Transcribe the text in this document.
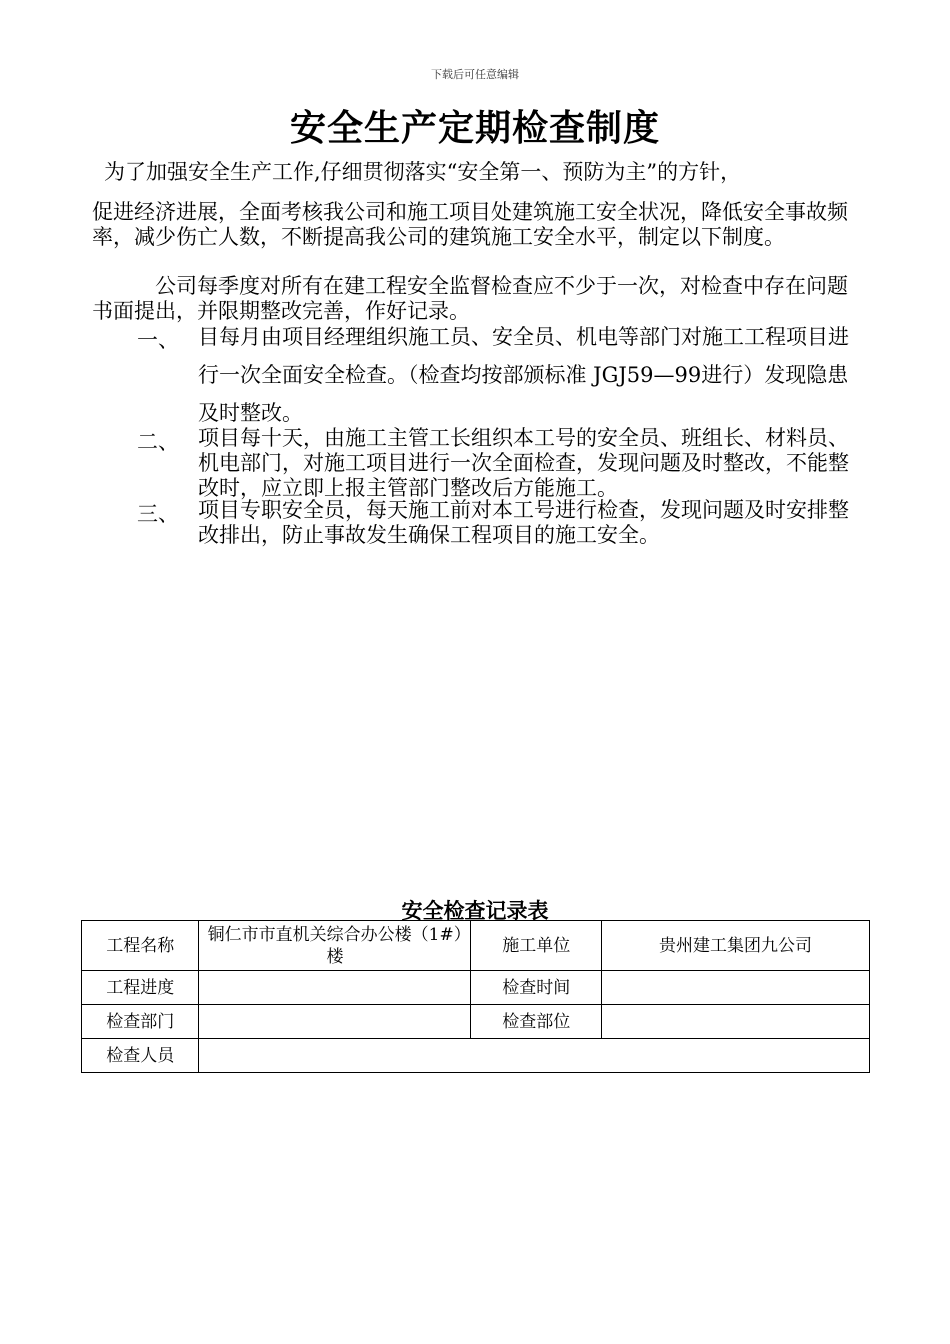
下载后可任意编辑
安全生产定期检查制度
为了加强安全生产工作,仔细贯彻落实“安全第一、预防为主”的方针，
促进经济进展，全面考核我公司和施工项目处建筑施工安全状况，降低安全事故频率，减少伤亡人数，不断提高我公司的建筑施工安全水平，制定以下制度。
公司每季度对所有在建工程安全监督检查应不少于一次，对检查中存在问题书面提出，并限期整改完善，作好记录。
一、 目每月由项目经理组织施工员、安全员、机电等部门对施工工程项目进行一次全面安全检查。（检查均按部颁标准 JGJ59—99进行）发现隐患及时整改。
二、 项目每十天，由施工主管工长组织本工号的安全员、班组长、材料员、机电部门，对施工项目进行一次全面检查，发现问题及时整改，不能整改时，应立即上报主管部门整改后方能施工。
三、 项目专职安全员，每天施工前对本工号进行检查，发现问题及时安排整改排出，防止事故发生确保工程项目的施工安全。
安全检查记录表
工程名称	铜仁市市直机关综合办公楼（1#）楼	施工单位	贵州建工集团九公司
工程进度		检查时间	
检查部门		检查部位	
检查人员			
